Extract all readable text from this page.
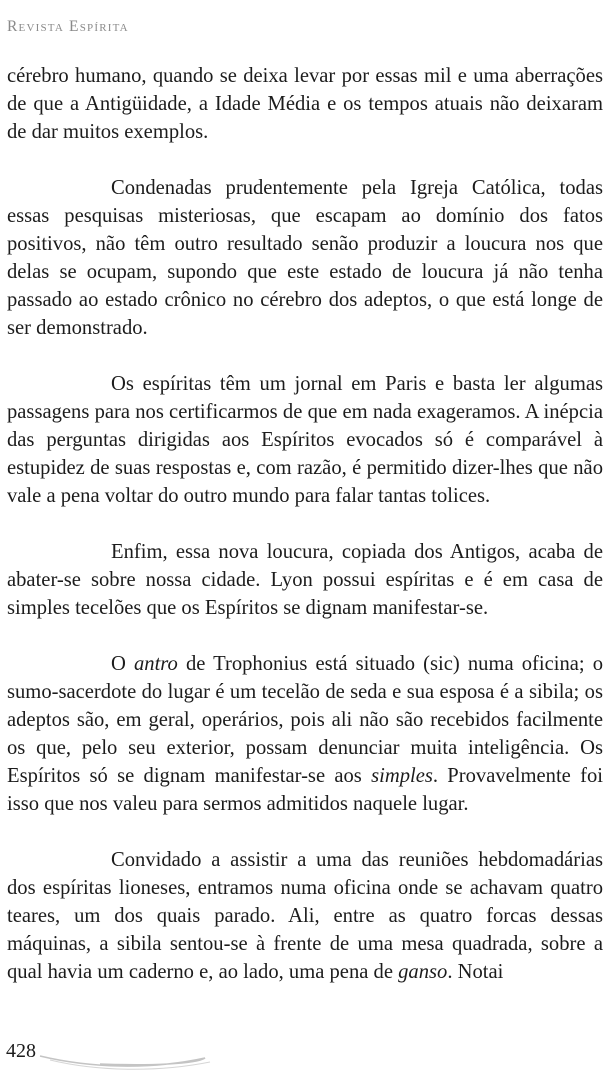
Revista Espírita

cérebro humano, quando se deixa levar por essas mil e uma aberrações de que a Antigüidade, a Idade Média e os tempos atuais não deixaram de dar muitos exemplos.

Condenadas prudentemente pela Igreja Católica, todas essas pesquisas misteriosas, que escapam ao domínio dos fatos positivos, não têm outro resultado senão produzir a loucura nos que delas se ocupam, supondo que este estado de loucura já não tenha passado ao estado crônico no cérebro dos adeptos, o que está longe de ser demonstrado.

Os espíritas têm um jornal em Paris e basta ler algumas passagens para nos certificarmos de que em nada exageramos. A inépcia das perguntas dirigidas aos Espíritos evocados só é comparável à estupidez de suas respostas e, com razão, é permitido dizer-lhes que não vale a pena voltar do outro mundo para falar tantas tolices.

Enfim, essa nova loucura, copiada dos Antigos, acaba de abater-se sobre nossa cidade. Lyon possui espíritas e é em casa de simples tecelões que os Espíritos se dignam manifestar-se.

O antro de Trophonius está situado (sic) numa oficina; o sumo-sacerdote do lugar é um tecelão de seda e sua esposa é a sibila; os adeptos são, em geral, operários, pois ali não são recebidos facilmente os que, pelo seu exterior, possam denunciar muita inteligência. Os Espíritos só se dignam manifestar-se aos simples. Provavelmente foi isso que nos valeu para sermos admitidos naquele lugar.

Convidado a assistir a uma das reuniões hebdomadárias dos espíritas lioneses, entramos numa oficina onde se achavam quatro teares, um dos quais parado. Ali, entre as quatro forcas dessas máquinas, a sibila sentou-se à frente de uma mesa quadrada, sobre a qual havia um caderno e, ao lado, uma pena de ganso. Notai

428
